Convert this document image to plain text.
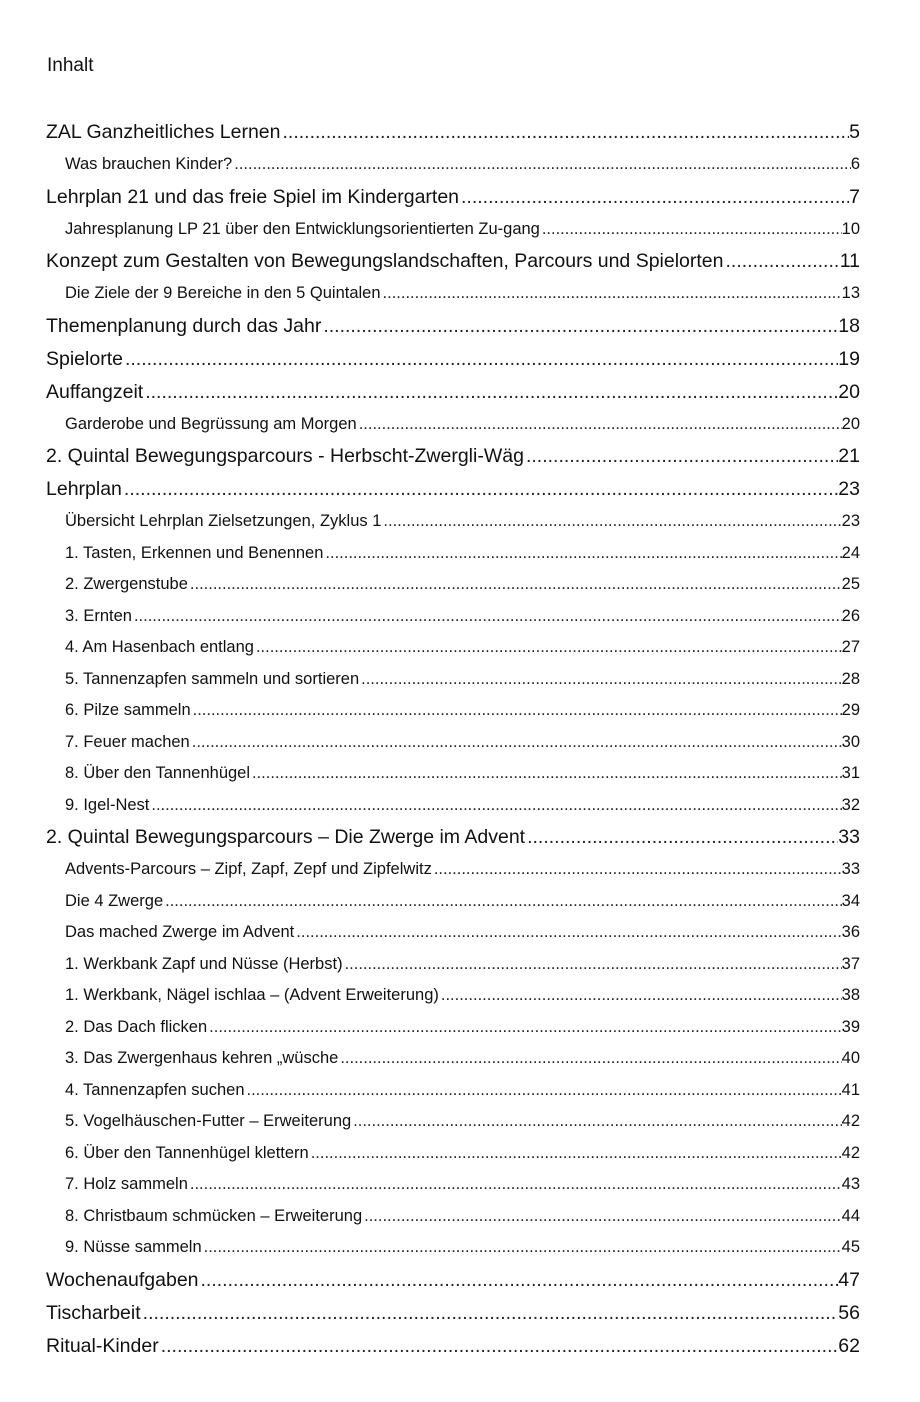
Inhalt
ZAL Ganzheitliches Lernen .....	5
Was brauchen Kinder? .....	6
Lehrplan 21 und das freie Spiel im Kindergarten .....	7
Jahresplanung LP 21 über den Entwicklungsorientierten Zu-gang .....	10
Konzept zum Gestalten von Bewegungslandschaften, Parcours und Spielorten .....	11
Die Ziele der 9 Bereiche in den 5 Quintalen .....	13
Themenplanung durch das Jahr .....	18
Spielorte .....	19
Auffangzeit .....	20
Garderobe und Begrüssung am Morgen .....	20
2. Quintal Bewegungsparcours - Herbscht-Zwergli-Wäg .....	21
Lehrplan .....	23
Übersicht Lehrplan Zielsetzungen, Zyklus 1 .....	23
1. Tasten, Erkennen und Benennen .....	24
2. Zwergenstube .....	25
3. Ernten .....	26
4. Am Hasenbach entlang .....	27
5. Tannenzapfen sammeln und sortieren .....	28
6. Pilze sammeln .....	29
7. Feuer machen .....	30
8. Über den Tannenhügel .....	31
9. Igel-Nest .....	32
2. Quintal Bewegungsparcours – Die Zwerge im Advent .....	33
Advents-Parcours – Zipf, Zapf, Zepf und Zipfelwitz .....	33
Die 4 Zwerge .....	34
Das mached Zwerge im Advent .....	36
1. Werkbank Zapf und Nüsse (Herbst) .....	37
1. Werkbank, Nägel ischlaa – (Advent Erweiterung) .....	38
2. Das Dach flicken .....	39
3. Das Zwergenhaus kehren „wüsche .....	40
4. Tannenzapfen suchen .....	41
5. Vogelhäuschen-Futter – Erweiterung .....	42
6. Über den Tannenhügel klettern .....	42
7. Holz sammeln .....	43
8. Christbaum schmücken – Erweiterung .....	44
9. Nüsse sammeln .....	45
Wochenaufgaben .....	47
Tischarbeit .....	56
Ritual-Kinder .....	62
